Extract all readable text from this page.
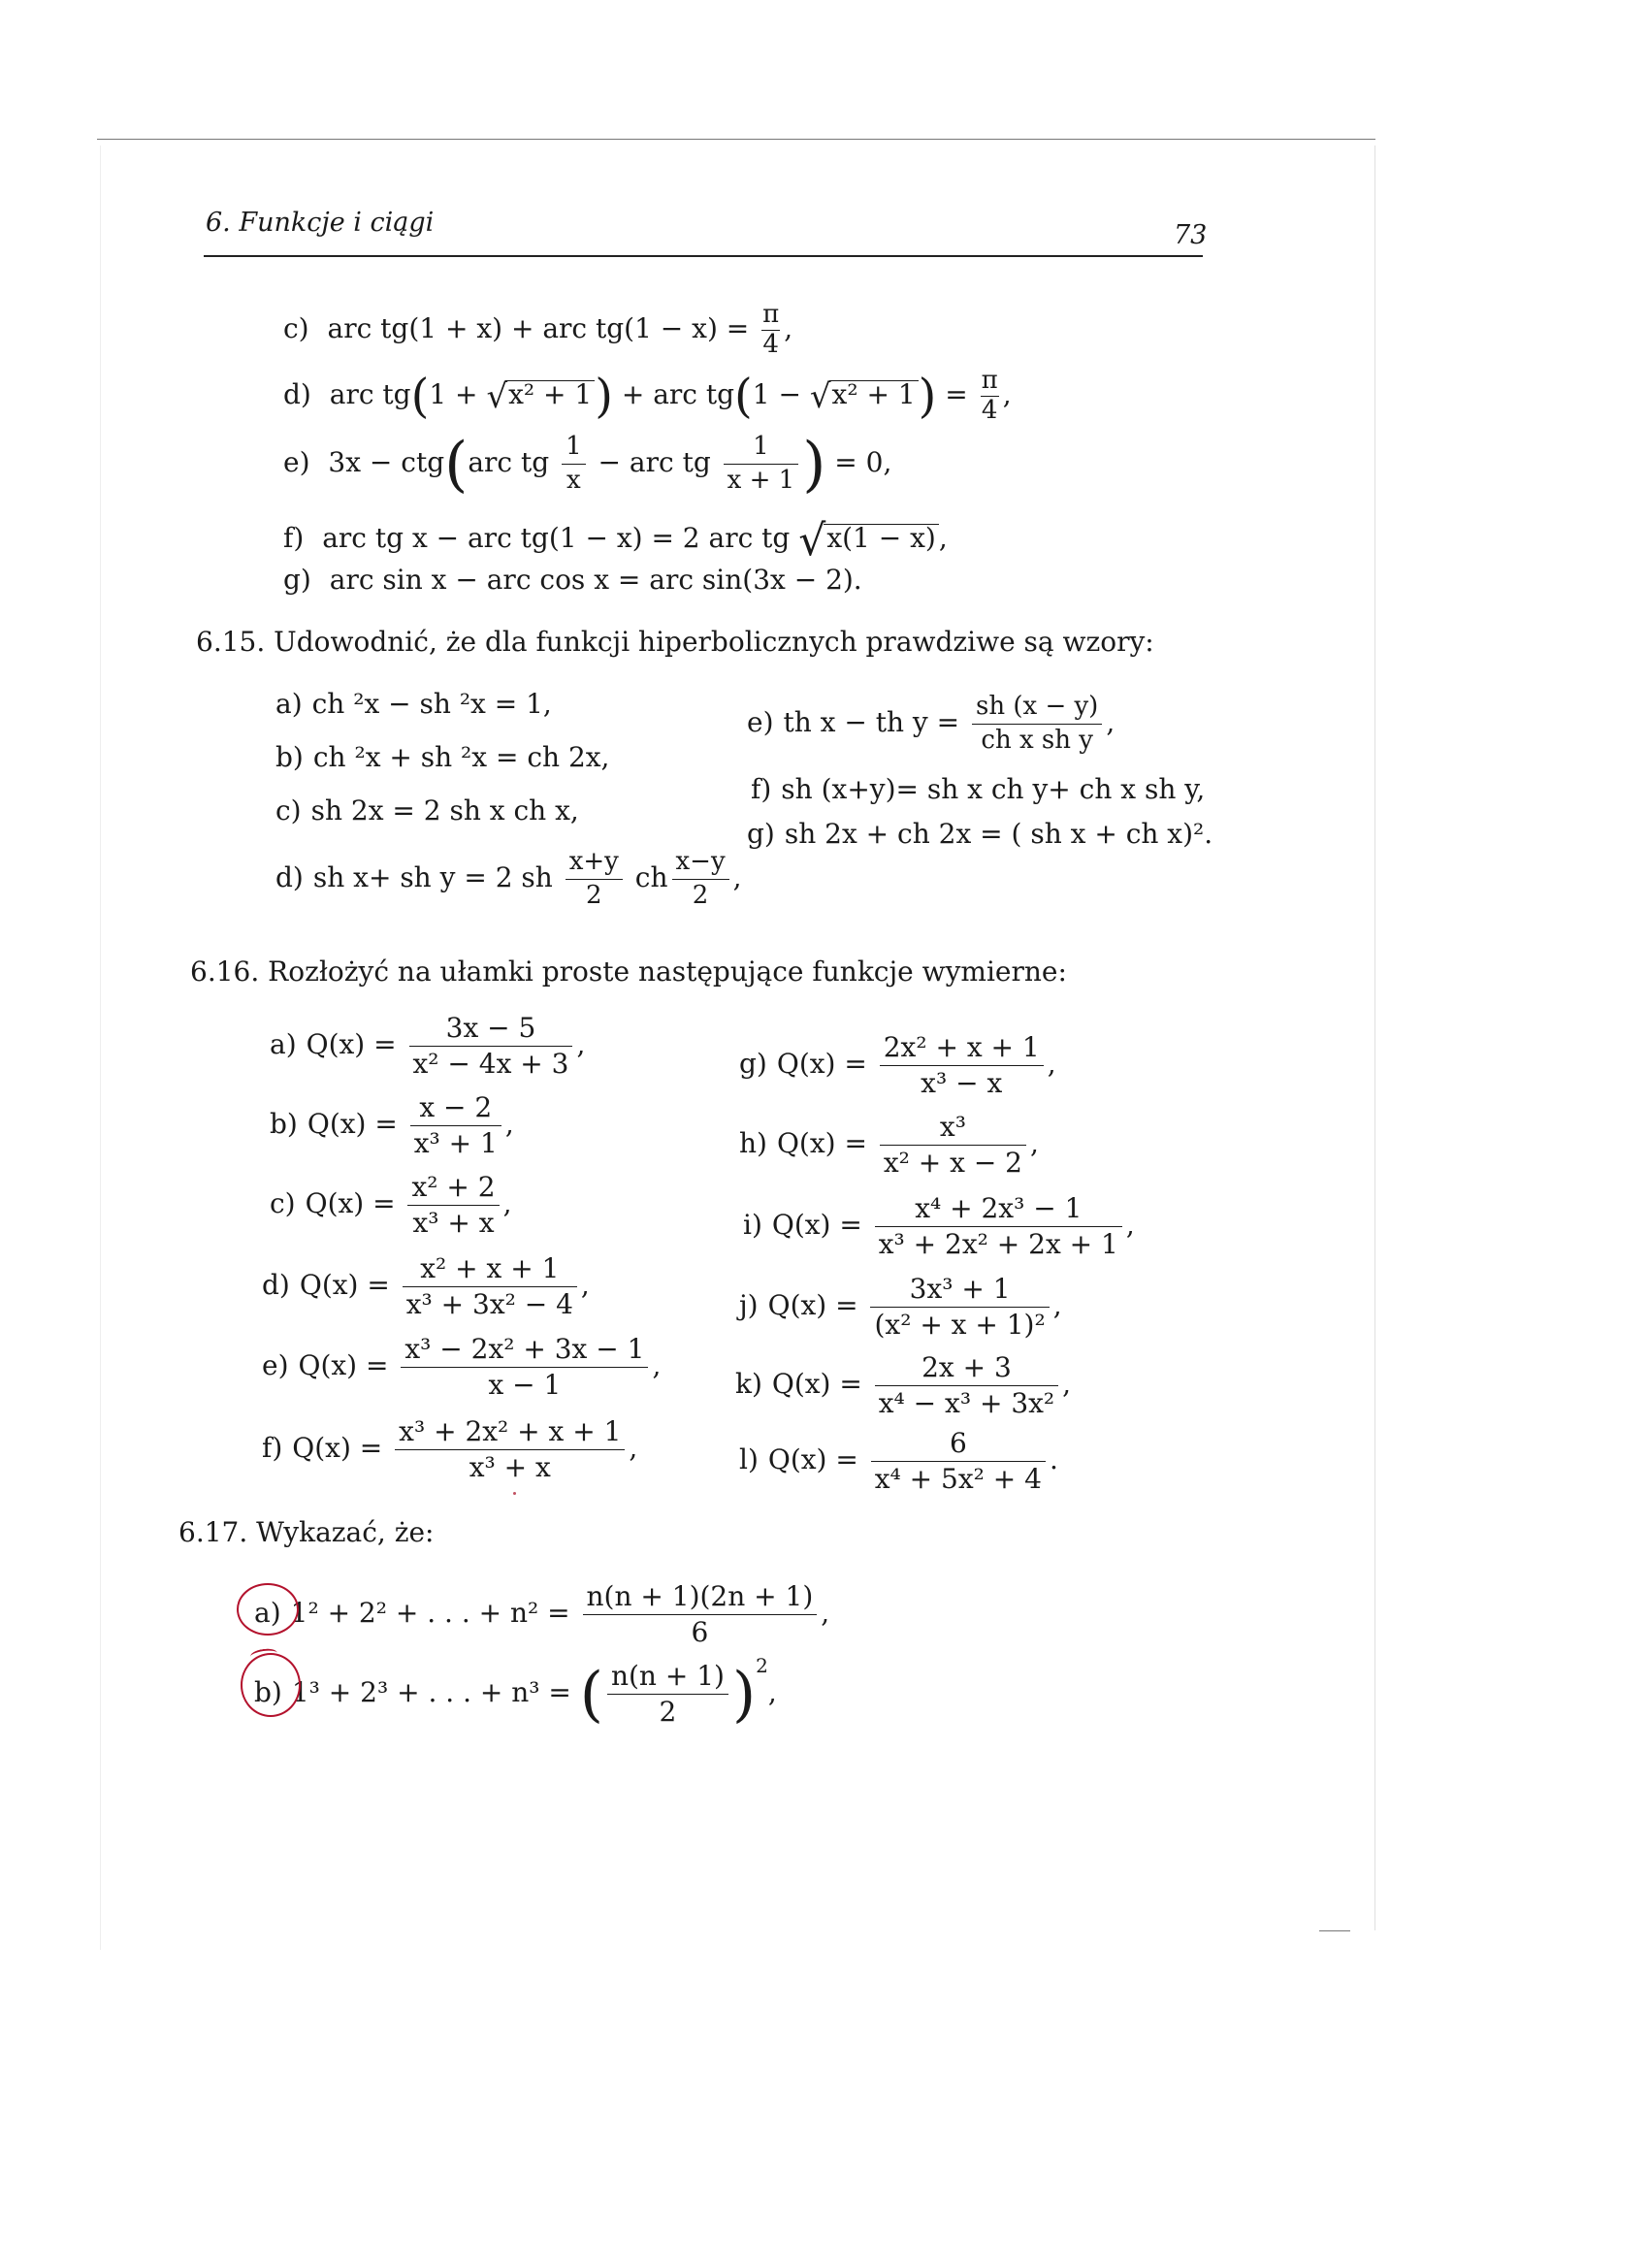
6. Funkcje i ciągi	73
c) arc tg(1 + x) + arc $tg(1 - x) = \frac{\pi}{4}$ ,
d) arc tg(1 + √x² + 1) + arc $tg(1 - √x^2 + 1) = \frac{\pi}{4}$ ,
e) 3x − ctg(arc tg $\frac{1}{x}$ − arc tg $\frac{1}{x + 1}$ ) = 0,
f) arc tg x − arc tg(1 − x) = 2 arc tg √x(1 − x) ,
g) arc sin x − arc cos x = arc sin(3x − 2).
6.15. Udowodnić, że dla funkcji hiperbolicznych prawdziwe są wzory:
a) ch ²x − sh ²x = 1,
b) ch ²x + sh ²x = ch 2x,
c) sh 2x = 2 sh x ch x,
d) sh x+ sh y = 2 sh $\frac{x+y}{2}$ ch $\frac{x-y}{2}$ ,
e) th x − th $y = \frac{sh (x - y)}{\text{ch x sh y}}$ ,
f) sh (x+y)= sh x ch y+ ch x sh y,
g) sh 2x + ch 2x = ( sh x + ch x)².
6.16. Rozłożyć na ułamki proste następujące funkcje wymierne:
a) $Q(x) = \frac{3x - 5}{\text{x² − 4x + 3}}$ ,
b) $Q(x) = \frac{x - 2}{\text{x³ + 1}}$ ,
c) $Q(x) = \frac{\text{x² + 2}}{\text{x³ + x}}$ ,
d) $Q(x) = \frac{\text{x² + x + 1}}{\text{x³ + 3x² − 4}}$ ,
e) $Q(x) = \frac{\text{x³ − 2x² + 3x − 1}}{x - 1}$ ,
f) $Q(x) = \frac{\text{x³ + 2x² + x + 1}}{\text{x³ + x}}$ ,
g) $Q(x) = \frac{\text{2x² + x + 1}}{\text{x³ − x}}$ ,
h) $Q(x) = \frac{\text{x³}}{\text{x² + x − 2}}$ ,
i) $Q(x) = \frac{\text{x⁴ + 2x³ − 1}}{\text{x³ + 2x² + 2x + 1}}$ ,
j) $Q(x) = \frac{\text{3x³ + 1}}{\text{(x² + x + 1)²}}$ ,
k) $Q(x) = \frac{2x + 3}{\text{x⁴ − x³ + 3x²}}$ ,
l) $Q(x) = \frac{6}{\text{x⁴ + 5x² + 4}}$ .
6.17. Wykazać, że:
a) 1² + 2² + . . . + $n^2 = \frac{n(n + 1)(2n + 1)}{6}$ ,
b) 1³ + 2³ + . . . + n³ = ( $\frac{n(n + 1)}{2} )^2$,
